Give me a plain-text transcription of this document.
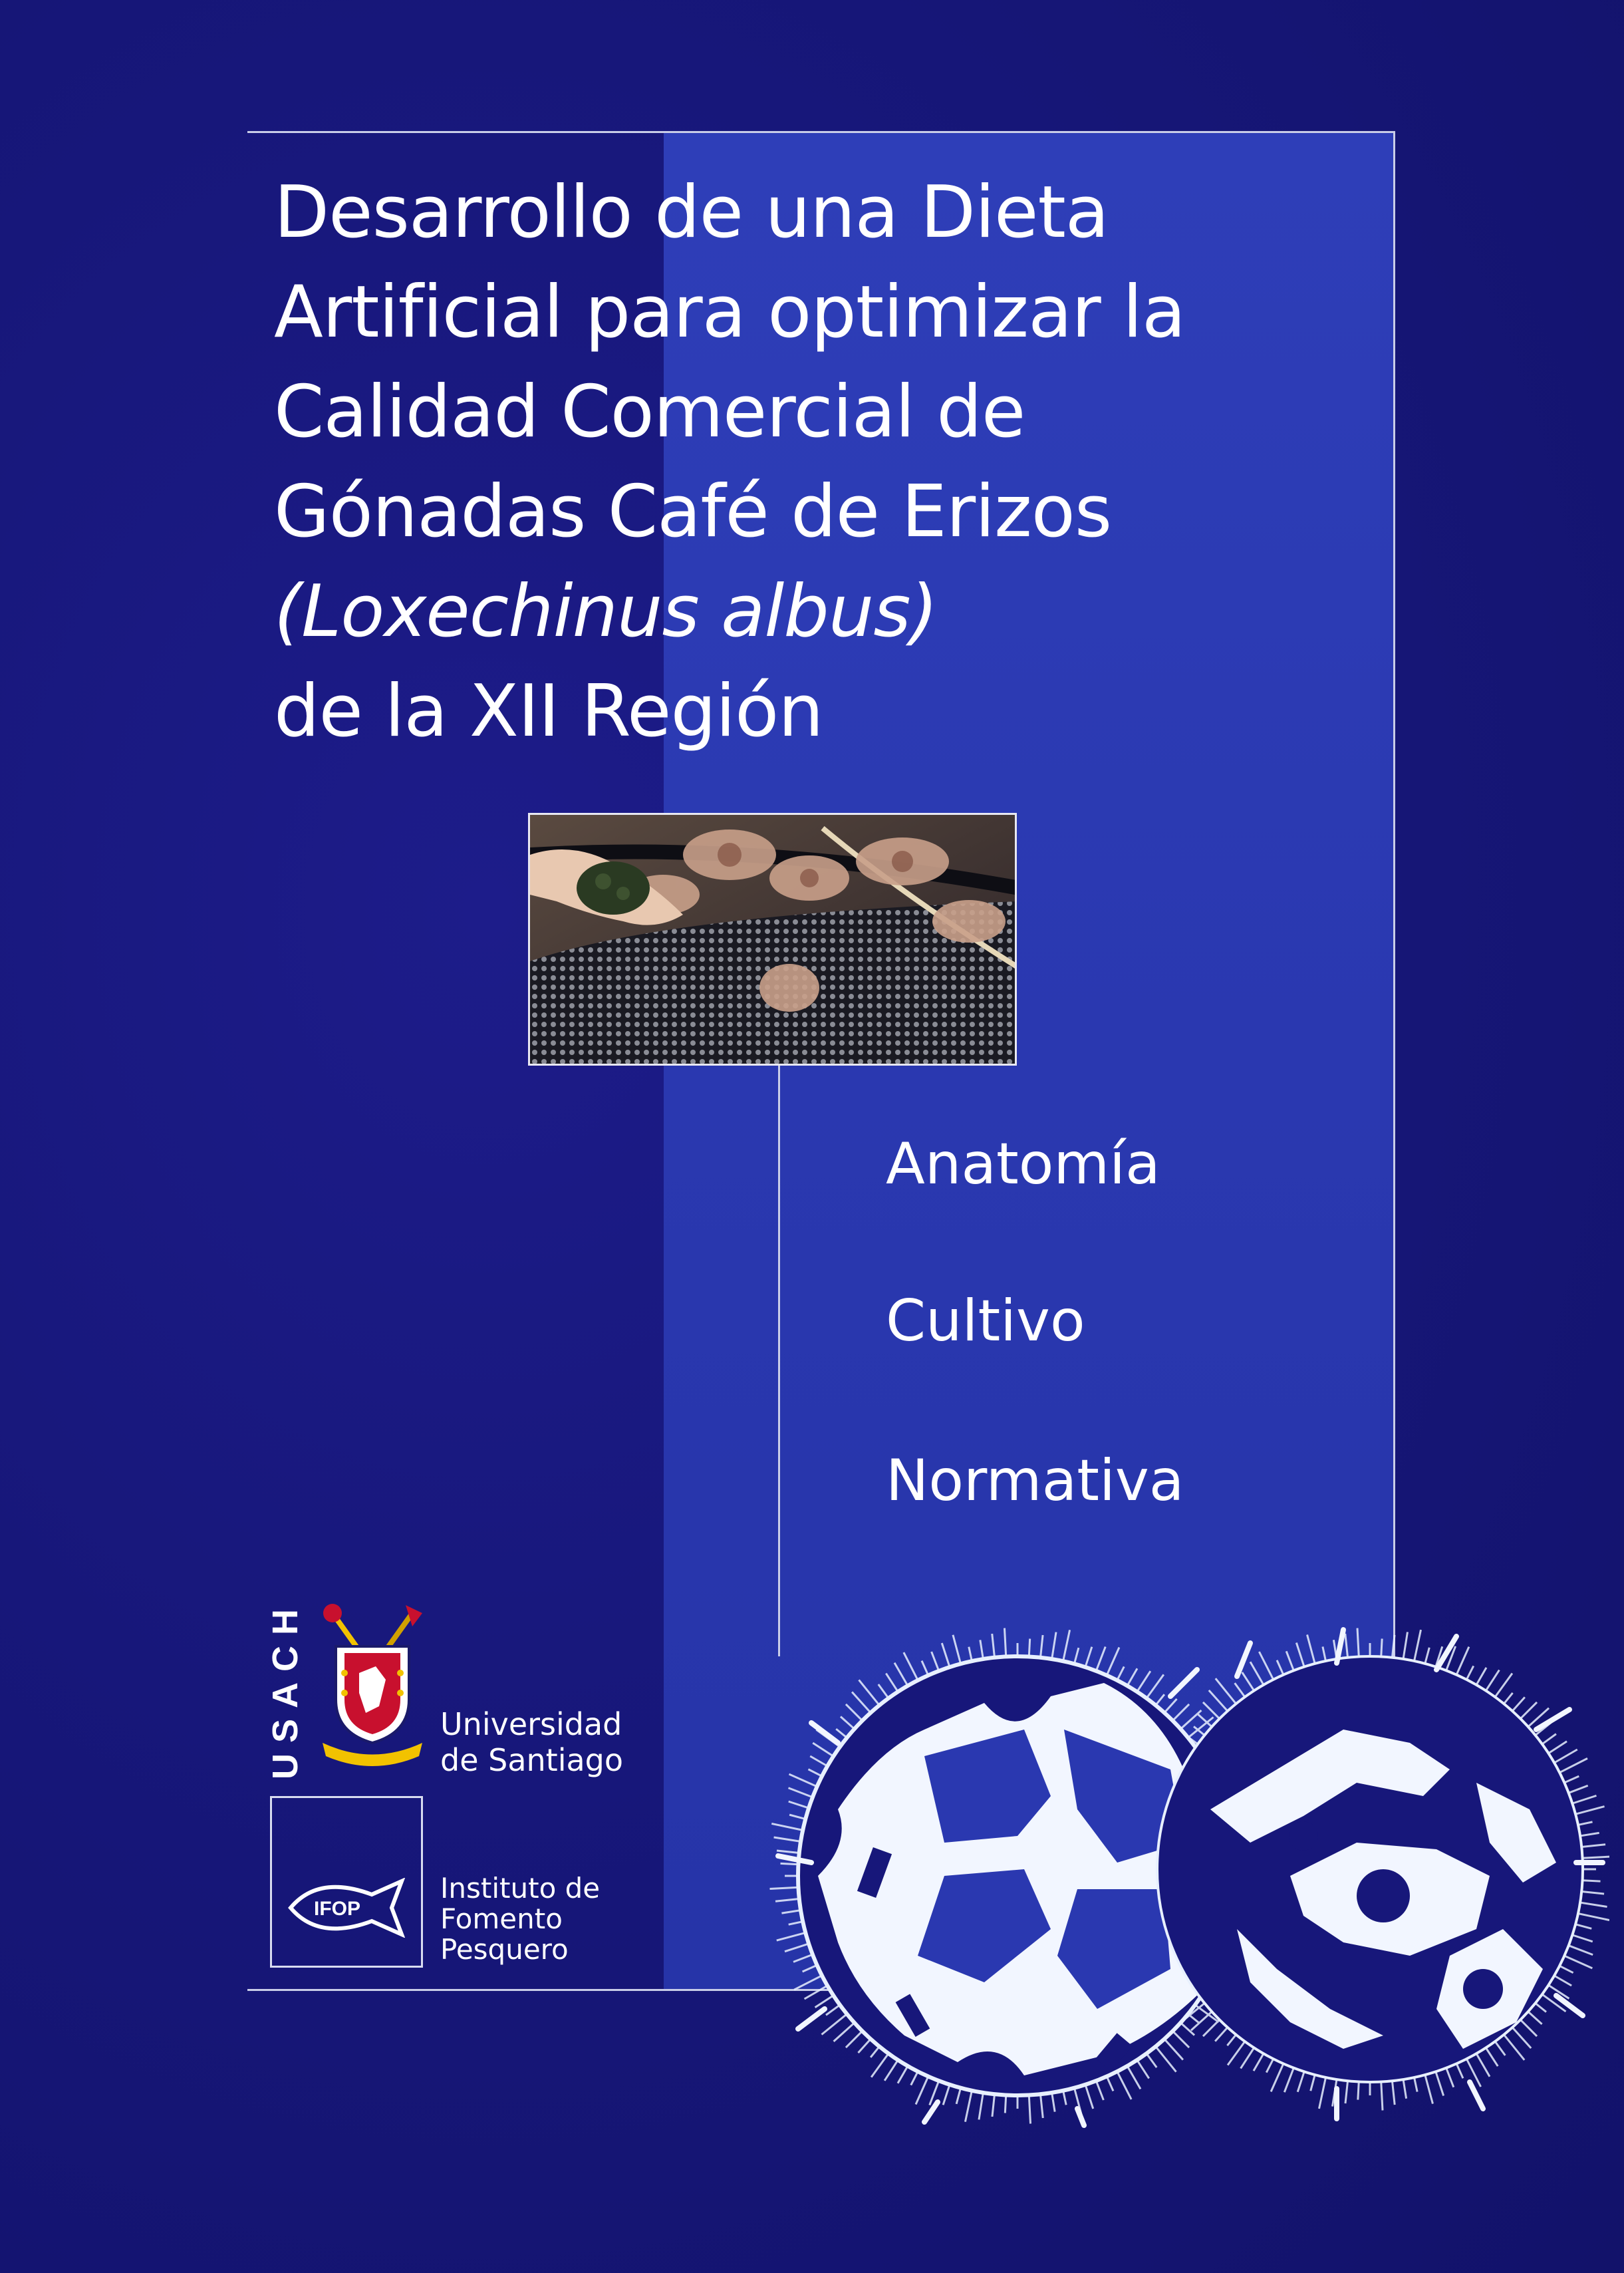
Desarrollo de una Dieta
Artificial para optimizar la
Calidad Comercial de
Gónadas Café de Erizos
(Loxechinus albus)
de la XII Región
Anatomía
Cultivo
Normativa
USACH	Universidad
de Santiago
IFOP
Instituto de
Fomento
Pesquero
